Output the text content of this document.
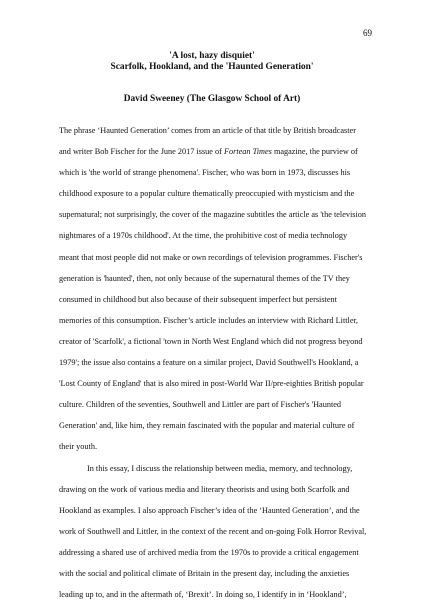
69
'A lost, hazy disquiet'
Scarfolk, Hookland, and the 'Haunted Generation'
David Sweeney (The Glasgow School of Art)

The phrase ‘Haunted Generation’ comes from an article of that title by British broadcaster
and writer Bob Fischer for the June 2017 issue of Fortean Times magazine, the purview of
which is 'the world of strange phenomena'. Fischer, who was born in 1973, discusses his
childhood exposure to a popular culture thematically preoccupied with mysticism and the
supernatural; not surprisingly, the cover of the magazine subtitles the article as 'the television
nightmares of a 1970s childhood'. At the time, the prohibitive cost of media technology
meant that most people did not make or own recordings of television programmes. Fischer's
generation is 'haunted', then, not only because of the supernatural themes of the TV they
consumed in childhood but also because of their subsequent imperfect but persistent
memories of this consumption. Fischer’s article includes an interview with Richard Littler,
creator of 'Scarfolk', a fictional 'town in North West England which did not progress beyond
1979'; the issue also contains a feature on a similar project, David Southwell's Hookland, a
'Lost County of England' that is also mired in post-World War II/pre-eighties British popular
culture. Children of the seventies, Southwell and Littler are part of Fischer's 'Haunted
Generation' and, like him, they remain fascinated with the popular and material culture of
their youth.

In this essay, I discuss the relationship between media, memory, and technology,
drawing on the work of various media and literary theorists and using both Scarfolk and
Hookland as examples. I also approach Fischer’s idea of the ‘Haunted Generation’, and the
work of Southwell and Littler, in the context of the recent and on-going Folk Horror Revival,
addressing a shared use of archived media from the 1970s to provide a critical engagement
with the social and political climate of Britain in the present day, including the anxieties
leading up to, and in the aftermath of, ‘Brexit’. In doing so, I identify in in ‘Hookland’,
